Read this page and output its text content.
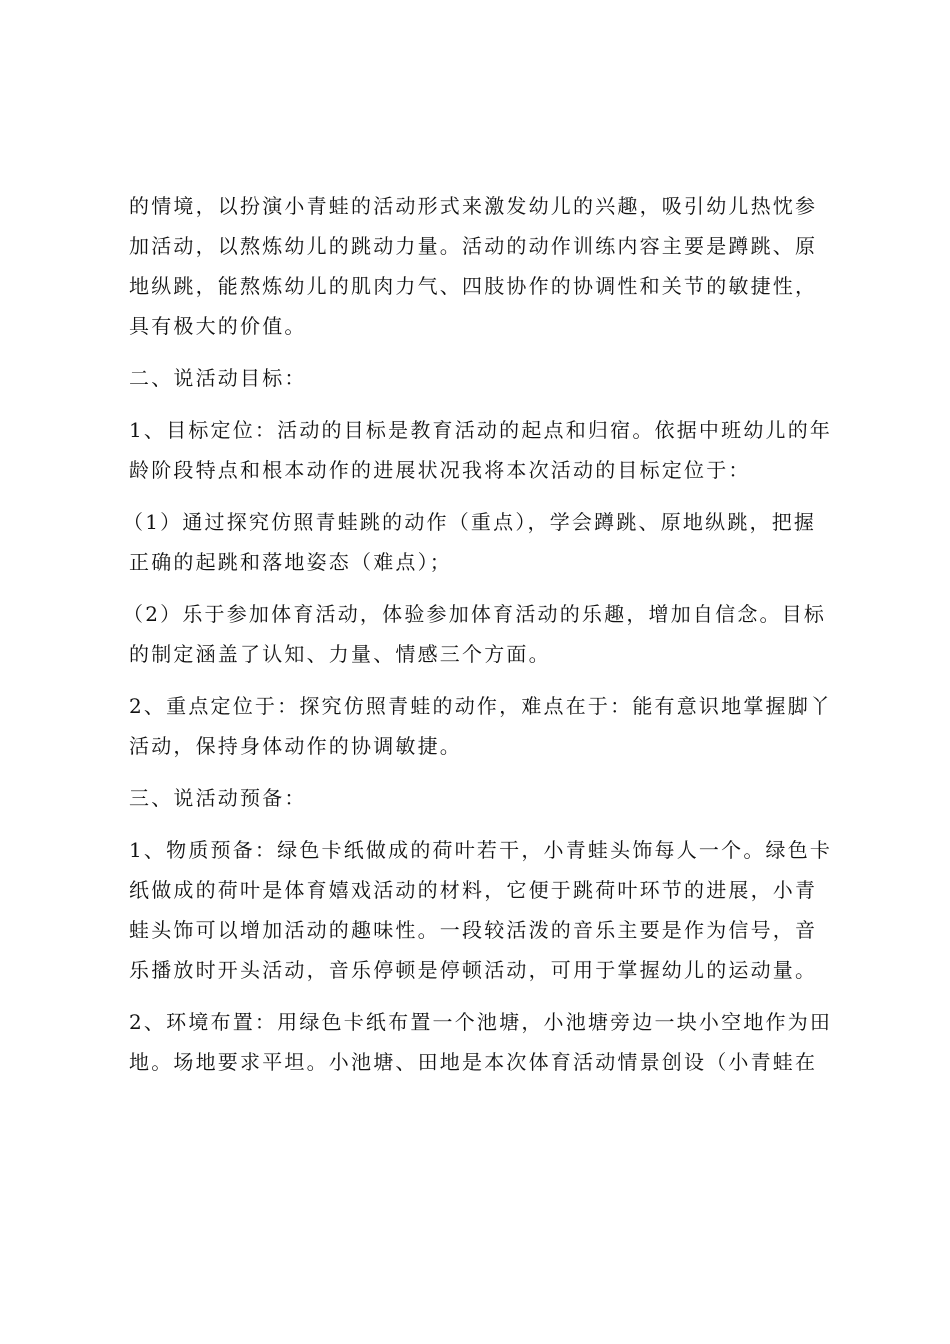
的情境，以扮演小青蛙的活动形式来激发幼儿的兴趣，吸引幼儿热忱参
加活动，以熬炼幼儿的跳动力量。活动的动作训练内容主要是蹲跳、原
地纵跳，能熬炼幼儿的肌肉力气、四肢协作的协调性和关节的敏捷性，
具有极大的价值。

二、说活动目标：

1、目标定位：活动的目标是教育活动的起点和归宿。依据中班幼儿的年
龄阶段特点和根本动作的进展状况我将本次活动的目标定位于：

（1）通过探究仿照青蛙跳的动作（重点），学会蹲跳、原地纵跳，把握
正确的起跳和落地姿态（难点）；

（2）乐于参加体育活动，体验参加体育活动的乐趣，增加自信念。目标
的制定涵盖了认知、力量、情感三个方面。

2、重点定位于：探究仿照青蛙的动作，难点在于：能有意识地掌握脚丫
活动，保持身体动作的协调敏捷。

三、说活动预备：

1、物质预备：绿色卡纸做成的荷叶若干，小青蛙头饰每人一个。绿色卡
纸做成的荷叶是体育嬉戏活动的材料，它便于跳荷叶环节的进展，小青
蛙头饰可以增加活动的趣味性。一段较活泼的音乐主要是作为信号，音
乐播放时开头活动，音乐停顿是停顿活动，可用于掌握幼儿的运动量。

2、环境布置：用绿色卡纸布置一个池塘，小池塘旁边一块小空地作为田
地。场地要求平坦。小池塘、田地是本次体育活动情景创设（小青蛙在
